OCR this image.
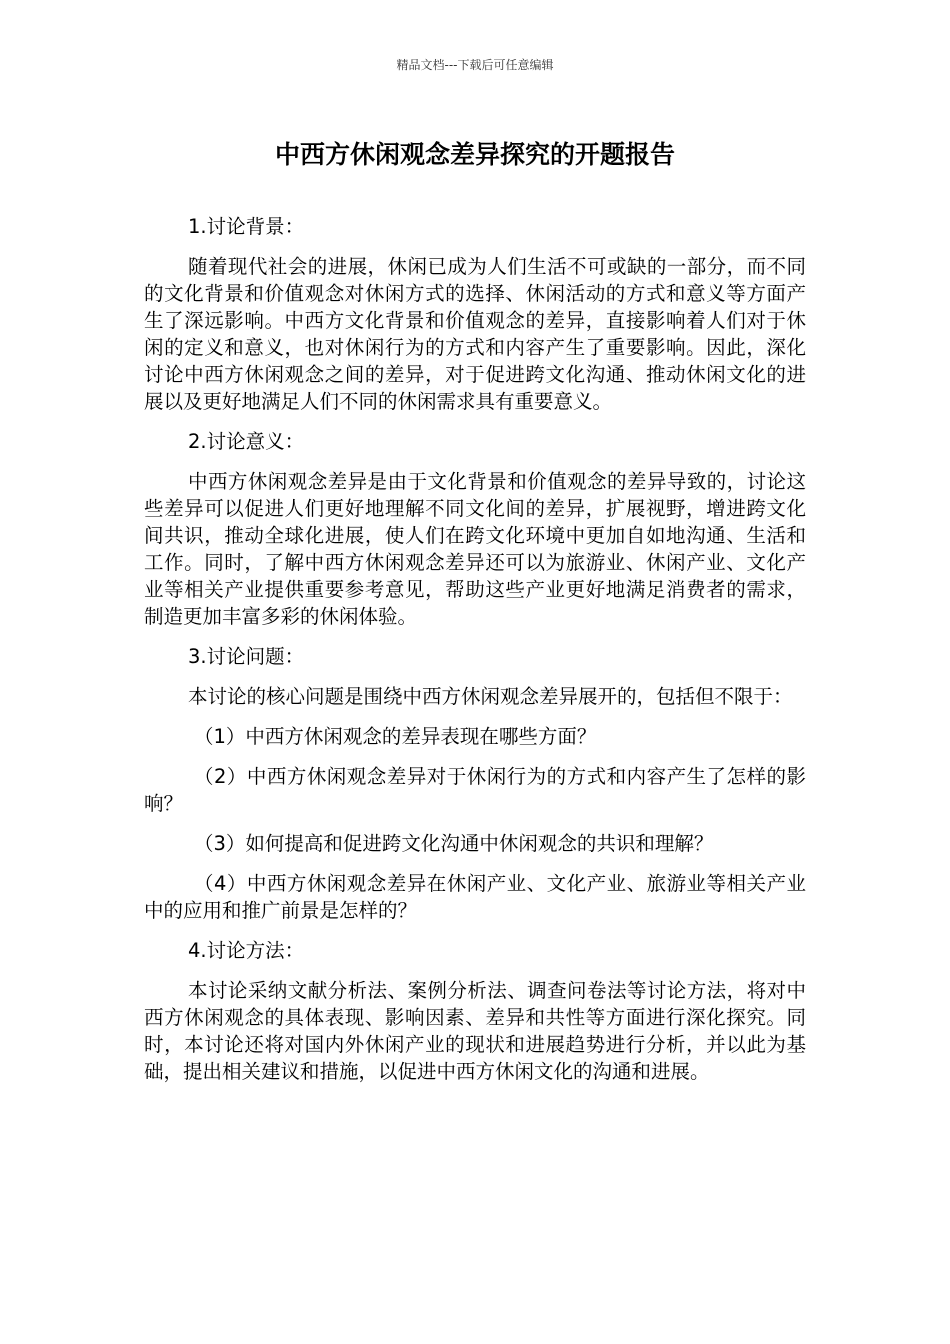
精品文档---下载后可任意编辑
中西方休闲观念差异探究的开题报告

1.讨论背景：

随着现代社会的进展，休闲已成为人们生活不可或缺的一部分，而不同的文化背景和价值观念对休闲方式的选择、休闲活动的方式和意义等方面产生了深远影响。中西方文化背景和价值观念的差异，直接影响着人们对于休闲的定义和意义，也对休闲行为的方式和内容产生了重要影响。因此，深化讨论中西方休闲观念之间的差异，对于促进跨文化沟通、推动休闲文化的进展以及更好地满足人们不同的休闲需求具有重要意义。

2.讨论意义：

中西方休闲观念差异是由于文化背景和价值观念的差异导致的，讨论这些差异可以促进人们更好地理解不同文化间的差异，扩展视野，增进跨文化间共识，推动全球化进展，使人们在跨文化环境中更加自如地沟通、生活和工作。同时，了解中西方休闲观念差异还可以为旅游业、休闲产业、文化产业等相关产业提供重要参考意见，帮助这些产业更好地满足消费者的需求，制造更加丰富多彩的休闲体验。

3.讨论问题：

本讨论的核心问题是围绕中西方休闲观念差异展开的，包括但不限于：

（1）中西方休闲观念的差异表现在哪些方面？

（2）中西方休闲观念差异对于休闲行为的方式和内容产生了怎样的影响？

（3）如何提高和促进跨文化沟通中休闲观念的共识和理解？

（4）中西方休闲观念差异在休闲产业、文化产业、旅游业等相关产业中的应用和推广前景是怎样的？

4.讨论方法：

本讨论采纳文献分析法、案例分析法、调查问卷法等讨论方法，将对中西方休闲观念的具体表现、影响因素、差异和共性等方面进行深化探究。同时，本讨论还将对国内外休闲产业的现状和进展趋势进行分析，并以此为基础，提出相关建议和措施，以促进中西方休闲文化的沟通和进展。
